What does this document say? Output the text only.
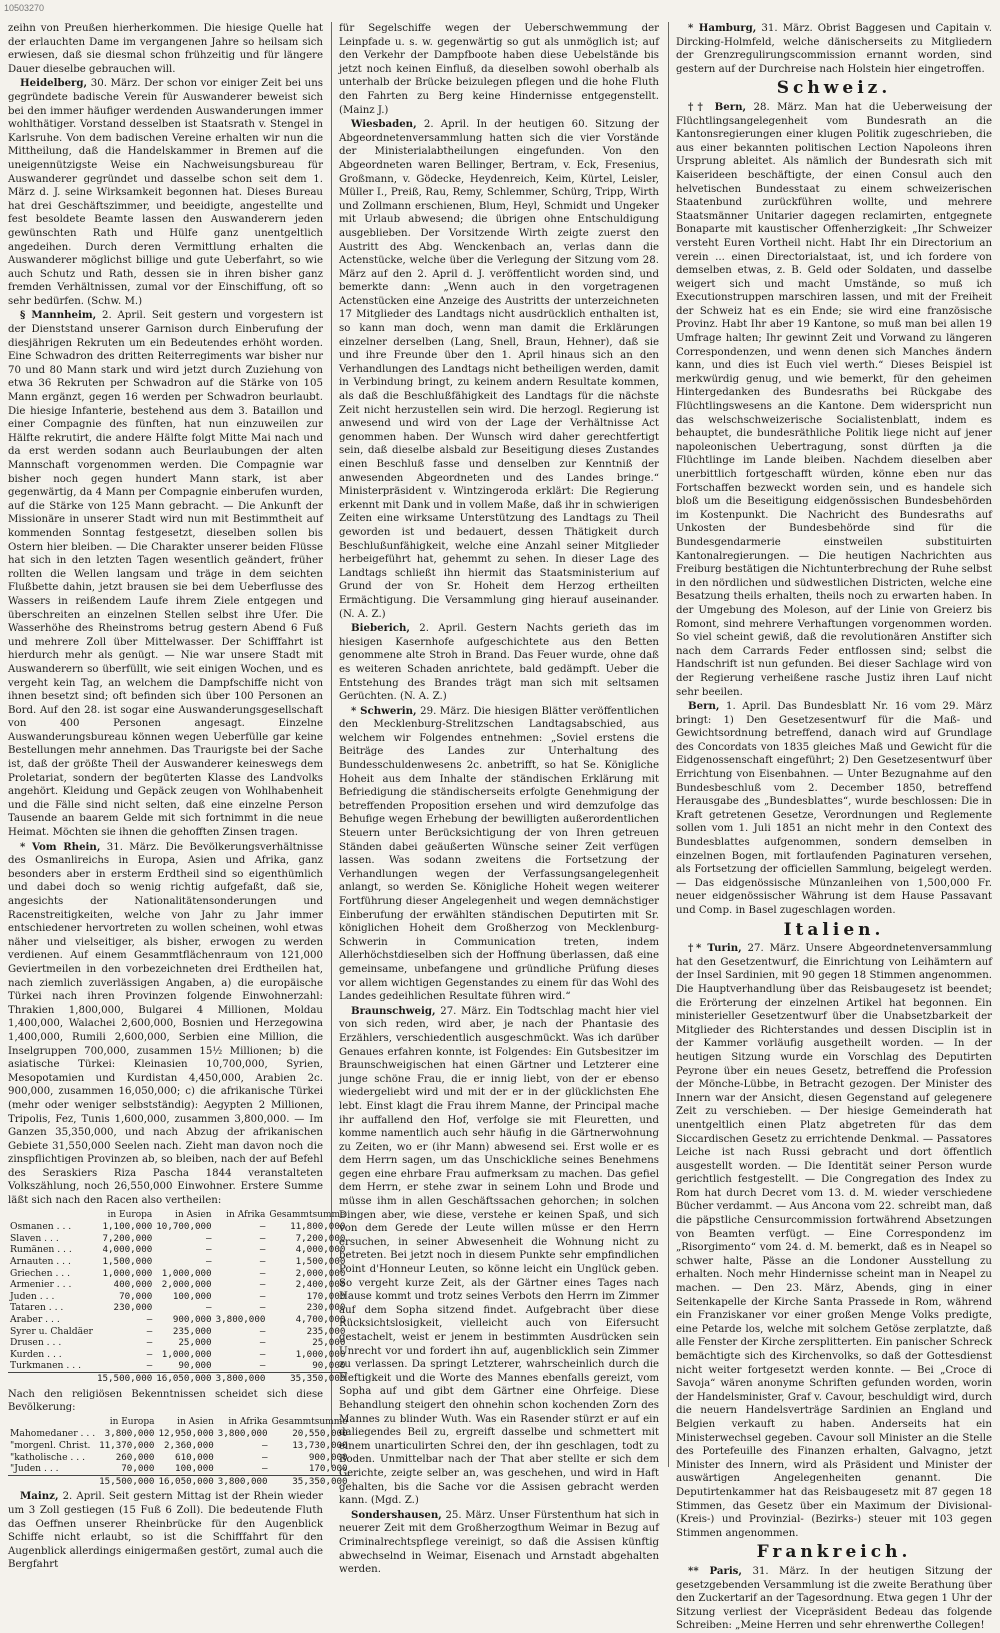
10503270

zeihn von Preußen hierherkommen. Die hiesige Quelle hat der erlauchten Dame im vergangenen Jahre so heilsam sich erwiesen, daß sie diesmal schon frühzeitig und für längere Dauer dieselbe gebrauchen will.

Heidelberg, 30. März. Der schon vor einiger Zeit bei uns gegründete badische Verein für Auswanderer beweist sich bei den immer häufiger werdenden Auswanderungen immer wohlthätiger. Vorstand desselben ist Staatsrath v. Stengel in Karlsruhe. Von dem badischen Vereine erhalten wir nun die Mittheilung, daß die Handelskammer in Bremen auf die uneigennützigste Weise ein Nachweisungsbureau für Auswanderer gegründet und dasselbe schon seit dem 1. März d. J. seine Wirksamkeit begonnen hat. Dieses Bureau hat drei Geschäftszimmer, und beeidigte, angestellte und fest besoldete Beamte lassen den Auswanderern jeden gewünschten Rath und Hülfe ganz unentgeltlich angedeihen. Durch deren Vermittlung erhalten die Auswanderer möglichst billige und gute Ueberfahrt, so wie auch Schutz und Rath, dessen sie in ihren bisher ganz fremden Verhältnissen, zumal vor der Einschiffung, oft so sehr bedürfen. (Schw. M.)

§ Mannheim, 2. April. Seit gestern und vorgestern ist der Dienststand unserer Garnison durch Einberufung der diesjährigen Rekruten um ein Bedeutendes erhöht worden. Eine Schwadron des dritten Reiterregiments war bisher nur 70 und 80 Mann stark und wird jetzt durch Zuziehung von etwa 36 Rekruten per Schwadron auf die Stärke von 105 Mann ergänzt, gegen 16 werden per Schwadron beurlaubt. Die hiesige Infanterie, bestehend aus dem 3. Bataillon und einer Compagnie des fünften, hat nun einzuweilen zur Hälfte rekrutirt, die andere Hälfte folgt Mitte Mai nach und da erst werden sodann auch Beurlaubungen der alten Mannschaft vorgenommen werden. Die Compagnie war bisher noch gegen hundert Mann stark, ist aber gegenwärtig, da 4 Mann per Compagnie einberufen wurden, auf die Stärke von 125 Mann gebracht. — Die Ankunft der Missionäre in unserer Stadt wird nun mit Bestimmtheit auf kommenden Sonntag festgesetzt, dieselben sollen bis Ostern hier bleiben. — Die Charakter unserer beiden Flüsse hat sich in den letzten Tagen wesentlich geändert, früher rollten die Wellen langsam und träge in dem seichten Flußbette dahin, jetzt brausen sie bei dem Ueberflusse des Wassers in reißendem Laufe ihrem Ziele entgegen und überschreiten an einzelnen Stellen selbst ihre Ufer. Die Wasserhöhe des Rheinstroms betrug gestern Abend 6 Fuß und mehrere Zoll über Mittelwasser. Der Schifffahrt ist hierdurch mehr als genügt. — Nie war unsere Stadt mit Auswanderern so überfüllt, wie seit einigen Wochen, und es vergeht kein Tag, an welchem die Dampfschiffe nicht von ihnen besetzt sind; oft befinden sich über 100 Personen an Bord. Auf den 28. ist sogar eine Auswanderungsgesellschaft von 400 Personen angesagt. Einzelne Auswanderungsbureau können wegen Ueberfülle gar keine Bestellungen mehr annehmen. Das Traurigste bei der Sache ist, daß der größte Theil der Auswanderer keineswegs dem Proletariat, sondern der begüterten Klasse des Landvolks angehört. Kleidung und Gepäck zeugen von Wohlhabenheit und die Fälle sind nicht selten, daß eine einzelne Person Tausende an baarem Gelde mit sich fortnimmt in die neue Heimat. Möchten sie ihnen die gehofften Zinsen tragen.

* Vom Rhein, 31. März. Die Bevölkerungsverhältnisse des Osmanlireichs in Europa, Asien und Afrika, ganz besonders aber in ersterm Erdtheil sind so eigenthümlich und dabei doch so wenig richtig aufgefaßt, daß sie, angesichts der Nationalitätensonderungen und Racenstreitigkeiten, welche von Jahr zu Jahr immer entschiedener hervortreten zu wollen scheinen, wohl etwas näher und vielseitiger, als bisher, erwogen zu werden verdienen. Auf einem Gesammtflächenraum von 121,000 Geviertmeilen in den vorbezeichneten drei Erdtheilen hat, nach ziemlich zuverlässigen Angaben, a) die europäische Türkei nach ihren Provinzen folgende Einwohnerzahl: Thrakien 1,800,000, Bulgarei 4 Millionen, Moldau 1,400,000, Walachei 2,600,000, Bosnien und Herzegowina 1,400,000, Rumili 2,600,000, Serbien eine Million, die Inselgruppen 700,000, zusammen 15½ Millionen; b) die asiatische Türkei: Kleinasien 10,700,000, Syrien, Mesopotamien und Kurdistan 4,450,000, Arabien 2c. 900,000, zusammen 16,050,000; c) die afrikanische Türkei (mehr oder weniger selbstständig): Aegypten 2 Millionen, Tripolis, Fez, Tunis 1,600,000, zusammen 3,800,000. — Im Ganzen 35,350,000, und nach Abzug der afrikanischen Gebiete 31,550,000 Seelen nach. Zieht man davon noch die zinspflichtigen Provinzen ab, so bleiben, nach der auf Befehl des Seraskiers Riza Pascha 1844 veranstalteten Volkszählung, noch 26,550,000 Einwohner. Erstere Summe läßt sich nach den Racen also vertheilen:

	in Europa	in Asien	in Afrika	Gesammtsumme
Osmanen . . .	1,100,000	10,700,000	—	11,800,000
Slaven . . .	7,200,000	—	—	7,200,000
Rumänen . . .	4,000,000	—	—	4,000,000
Arnauten . . .	1,500,000	—	—	1,500,000
Griechen . . .	1,000,000	1,000,000	—	2,000,000
Armenier . . .	400,000	2,000,000	—	2,400,000
Juden . . .	70,000	100,000	—	170,000
Tataren . . .	230,000	—	—	230,000
Araber . . .	—	900,000	3,800,000	4,700,000
Syrer u. Chaldäer	—	235,000	—	235,000
Drusen . . .	—	25,000	—	25,000
Kurden . . .	—	1,000,000	—	1,000,000
Turkmanen . . .	—	90,000	—	90,000
	15,500,000	16,050,000	3,800,000	35,350,000
Nach den religiösen Bekenntnissen scheidet sich diese Bevölkerung:
	in Europa	in Asien	in Afrika	Gesammtsumme
Mahomedaner . . .	3,800,000	12,950,000	3,800,000	20,550,000
"morgenl. Christ.	11,370,000	2,360,000	—	13,730,000
"katholische . . .	260,000	610,000	—	900,000
"Juden . . .	70,000	100,000	—	170,000
	15,500,000	16,050,000	3,800,000	35,350,000

Mainz, 2. April. Seit gestern Mittag ist der Rhein wieder um 3 Zoll gestiegen (15 Fuß 6 Zoll). Die bedeutende Fluth das Oeffnen unserer Rheinbrücke für den Augenblick Schiffe nicht erlaubt, so ist die Schifffahrt für den Augenblick allerdings einigermaßen gestört, zumal auch die Bergfahrt

für Segelschiffe wegen der Ueberschwemmung der Leinpfade u. s. w. gegenwärtig so gut als unmöglich ist; auf den Verkehr der Dampfboote haben diese Uebelstände bis jetzt noch keinen Einfluß, da dieselben sowohl oberhalb als unterhalb der Brücke beizulegen pflegen und die hohe Fluth den Fahrten zu Berg keine Hindernisse entgegenstellt. (Mainz J.)

Wiesbaden, 2. April. In der heutigen 60. Sitzung der Abgeordnetenversammlung hatten sich die vier Vorstände der Ministerialabtheilungen eingefunden. Von den Abgeordneten waren Bellinger, Bertram, v. Eck, Fresenius, Großmann, v. Gödecke, Heydenreich, Keim, Kürtel, Leisler, Müller I., Preiß, Rau, Remy, Schlemmer, Schürg, Tripp, Wirth und Zollmann erschienen, Blum, Heyl, Schmidt und Ungeker mit Urlaub abwesend; die übrigen ohne Entschuldigung ausgeblieben. Der Vorsitzende Wirth zeigte zuerst den Austritt des Abg. Wenckenbach an, verlas dann die Actenstücke, welche über die Verlegung der Sitzung vom 28. März auf den 2. April d. J. veröffentlicht worden sind, und bemerkte dann: „Wenn auch in den vorgetragenen Actenstücken eine Anzeige des Austritts der unterzeichneten 17 Mitglieder des Landtags nicht ausdrücklich enthalten ist, so kann man doch, wenn man damit die Erklärungen einzelner derselben (Lang, Snell, Braun, Hehner), daß sie und ihre Freunde über den 1. April hinaus sich an den Verhandlungen des Landtags nicht betheiligen werden, damit in Verbindung bringt, zu keinem andern Resultate kommen, als daß die Beschlußfähigkeit des Landtags für die nächste Zeit nicht herzustellen sein wird. Die herzogl. Regierung ist anwesend und wird von der Lage der Verhältnisse Act genommen haben. Der Wunsch wird daher gerechtfertigt sein, daß dieselbe alsbald zur Beseitigung dieses Zustandes einen Beschluß fasse und denselben zur Kenntniß der anwesenden Abgeordneten und des Landes bringe.“ Ministerpräsident v. Wintzingeroda erklärt: Die Regierung erkennt mit Dank und in vollem Maße, daß ihr in schwierigen Zeiten eine wirksame Unterstützung des Landtags zu Theil geworden ist und bedauert, dessen Thätigkeit durch Beschlußunfähigkeit, welche eine Anzahl seiner Mitglieder herbeigeführt hat, gehemmt zu sehen. In dieser Lage des Landtags schließt ihn hiermit das Staatsministerium auf Grund der von Sr. Hoheit dem Herzog ertheilten Ermächtigung. Die Versammlung ging hierauf auseinander. (N. A. Z.)

Bieberich, 2. April. Gestern Nachts gerieth das im hiesigen Kasernhofe aufgeschichtete aus den Betten genommene alte Stroh in Brand. Das Feuer wurde, ohne daß es weiteren Schaden anrichtete, bald gedämpft. Ueber die Entstehung des Brandes trägt man sich mit seltsamen Gerüchten. (N. A. Z.)

* Schwerin, 29. März. Die hiesigen Blätter veröffentlichen den Mecklenburg-Strelitzschen Landtagsabschied, aus welchem wir Folgendes entnehmen: „Soviel erstens die Beiträge des Landes zur Unterhaltung des Bundesschuldenwesens 2c. anbetrifft, so hat Se. Königliche Hoheit aus dem Inhalte der ständischen Erklärung mit Befriedigung die ständischerseits erfolgte Genehmigung der betreffenden Proposition ersehen und wird demzufolge das Behufige wegen Erhebung der bewilligten außerordentlichen Steuern unter Berücksichtigung der von Ihren getreuen Ständen dabei geäußerten Wünsche seiner Zeit verfügen lassen. Was sodann zweitens die Fortsetzung der Verhandlungen wegen der Verfassungsangelegenheit anlangt, so werden Se. Königliche Hoheit wegen weiterer Fortführung dieser Angelegenheit und wegen demnächstiger Einberufung der erwählten ständischen Deputirten mit Sr. königlichen Hoheit dem Großherzog von Mecklenburg-Schwerin in Communication treten, indem Allerhöchstdieselben sich der Hoffnung überlassen, daß eine gemeinsame, unbefangene und gründliche Prüfung dieses vor allem wichtigen Gegenstandes zu einem für das Wohl des Landes gedeihlichen Resultate führen wird.“

Braunschweig, 27. März. Ein Todtschlag macht hier viel von sich reden, wird aber, je nach der Phantasie des Erzählers, verschiedentlich ausgeschmückt. Was ich darüber Genaues erfahren konnte, ist Folgendes: Ein Gutsbesitzer im Braunschweigischen hat einen Gärtner und Letzterer eine junge schöne Frau, die er innig liebt, von der er ebenso wiedergeliebt wird und mit der er in der glücklichsten Ehe lebt. Einst klagt die Frau ihrem Manne, der Principal mache ihr auffallend den Hof, verfolge sie mit Fleuretten, und komme namentlich auch sehr häufig in die Gärtnerwohnung zu Zeiten, wo er (ihr Mann) abwesend sei. Erst wolle er es dem Herrn sagen, um das Unschickliche seines Benehmens gegen eine ehrbare Frau aufmerksam zu machen. Das gefiel dem Herrn, er stehe zwar in seinem Lohn und Brode und müsse ihm in allen Geschäftssachen gehorchen; in solchen Dingen aber, wie diese, verstehe er keinen Spaß, und sich von dem Gerede der Leute willen müsse er den Herrn ersuchen, in seiner Abwesenheit die Wohnung nicht zu betreten. Bei jetzt noch in diesem Punkte sehr empfindlichen Point d'Honneur Leuten, so könne leicht ein Unglück geben. So vergeht kurze Zeit, als der Gärtner eines Tages nach Hause kommt und trotz seines Verbots den Herrn im Zimmer auf dem Sopha sitzend findet. Aufgebracht über diese Rücksichtslosigkeit, vielleicht auch von Eifersucht gestachelt, weist er jenem in bestimmten Ausdrücken sein Unrecht vor und fordert ihn auf, augenblicklich sein Zimmer zu verlassen. Da springt Letzterer, wahrscheinlich durch die Heftigkeit und die Worte des Mannes ebenfalls gereizt, vom Sopha auf und gibt dem Gärtner eine Ohrfeige. Diese Behandlung steigert den ohnehin schon kochenden Zorn des Mannes zu blinder Wuth. Was ein Rasender stürzt er auf ein daliegendes Beil zu, ergreift dasselbe und schmettert mit einem unarticulirten Schrei den, der ihn geschlagen, todt zu Boden. Unmittelbar nach der That aber stellte er sich dem Gerichte, zeigte selber an, was geschehen, und wird in Haft gehalten, bis die Sache vor die Assisen gebracht werden kann. (Mgd. Z.)

Sondershausen, 25. März. Unser Fürstenthum hat sich in neuerer Zeit mit dem Großherzogthum Weimar in Bezug auf Criminalrechtspflege vereinigt, so daß die Assisen künftig abwechselnd in Weimar, Eisenach und Arnstadt abgehalten werden.

* Hamburg, 31. März. Obrist Baggesen und Capitain v. Dircking-Holmfeld, welche dänischerseits zu Mitgliedern der Grenzregulirungscommission ernannt worden, sind gestern auf der Durchreise nach Holstein hier eingetroffen.

Schweiz.

†† Bern, 28. März. Man hat die Ueberweisung der Flüchtlingsangelegenheit vom Bundesrath an die Kantonsregierungen einer klugen Politik zugeschrieben, die aus einer bekannten politischen Lection Napoleons ihren Ursprung ableitet. Als nämlich der Bundesrath sich mit Kaiserideen beschäftigte, der einen Consul auch den helvetischen Bundesstaat zu einem schweizerischen Staatenbund zurückführen wollte, und mehrere Staatsmänner Unitarier dagegen reclamirten, entgegnete Bonaparte mit kaustischer Offenherzigkeit: „Ihr Schweizer versteht Euren Vortheil nicht. Habt Ihr ein Directorium an verein ... einen Directorialstaat, ist, und ich fordere von demselben etwas, z. B. Geld oder Soldaten, und dasselbe weigert sich und macht Umstände, so muß ich Executionstruppen marschiren lassen, und mit der Freiheit der Schweiz hat es ein Ende; sie wird eine französische Provinz. Habt Ihr aber 19 Kantone, so muß man bei allen 19 Umfrage halten; Ihr gewinnt Zeit und Vorwand zu längeren Correspondenzen, und wenn denen sich Manches ändern kann, und dies ist Euch viel werth.“ Dieses Beispiel ist merkwürdig genug, und wie bemerkt, für den geheimen Hintergedanken des Bundesraths bei Rückgabe des Flüchtlingswesens an die Kantone. Dem widerspricht nun das welschschweizerische Socialistenblatt, indem es behauptet, die bundesräthliche Politik liege nicht auf jener napoleonischen Uebertragung, sonst dürften ja die Flüchtlinge im Lande bleiben. Nachdem dieselben aber unerbittlich fortgeschafft würden, könne eben nur das Fortschaffen bezweckt worden sein, und es handele sich bloß um die Beseitigung eidgenössischen Bundesbehörden im Kostenpunkt. Die Nachricht des Bundesraths auf Unkosten der Bundesbehörde sind für die Bundesgendarmerie einstweilen substituirten Kantonalregierungen. — Die heutigen Nachrichten aus Freiburg bestätigen die Nichtunterbrechung der Ruhe selbst in den nördlichen und südwestlichen Districten, welche eine Besatzung theils erhalten, theils noch zu erwarten haben. In der Umgebung des Moleson, auf der Linie von Greierz bis Romont, sind mehrere Verhaftungen vorgenommen worden. So viel scheint gewiß, daß die revolutionären Anstifter sich nach dem Carrards Feder entflossen sind; selbst die Handschrift ist nun gefunden. Bei dieser Sachlage wird von der Regierung verheißene rasche Justiz ihren Lauf nicht sehr beeilen.

Bern, 1. April. Das Bundesblatt Nr. 16 vom 29. März bringt: 1) Den Gesetzesentwurf für die Maß- und Gewichtsordnung betreffend, danach wird auf Grundlage des Concordats von 1835 gleiches Maß und Gewicht für die Eidgenossenschaft eingeführt; 2) Den Gesetzesentwurf über Errichtung von Eisenbahnen. — Unter Bezugnahme auf den Bundesbeschluß vom 2. December 1850, betreffend Herausgabe des „Bundesblattes“, wurde beschlossen: Die in Kraft getretenen Gesetze, Verordnungen und Reglemente sollen vom 1. Juli 1851 an nicht mehr in den Context des Bundesblattes aufgenommen, sondern demselben in einzelnen Bogen, mit fortlaufenden Paginaturen versehen, als Fortsetzung der officiellen Sammlung, beigelegt werden. — Das eidgenössische Münzanleihen von 1,500,000 Fr. neuer eidgenössischer Währung ist dem Hause Passavant und Comp. in Basel zugeschlagen worden.

Italien.

†* Turin, 27. März. Unsere Abgeordnetenversammlung hat den Gesetzentwurf, die Einrichtung von Leihämtern auf der Insel Sardinien, mit 90 gegen 18 Stimmen angenommen. Die Hauptverhandlung über das Reisbaugesetz ist beendet; die Erörterung der einzelnen Artikel hat begonnen. Ein ministerieller Gesetzentwurf über die Unabsetzbarkeit der Mitglieder des Richterstandes und dessen Disciplin ist in der Kammer vorläufig ausgetheilt worden. — In der heutigen Sitzung wurde ein Vorschlag des Deputirten Peyrone über ein neues Gesetz, betreffend die Profession der Mönche-Lübbe, in Betracht gezogen. Der Minister des Innern war der Ansicht, diesen Gegenstand auf gelegenere Zeit zu verschieben. — Der hiesige Gemeinderath hat unentgeltlich einen Platz abgetreten für das dem Siccardischen Gesetz zu errichtende Denkmal. — Passatores Leiche ist nach Russi gebracht und dort öffentlich ausgestellt worden. — Die Identität seiner Person wurde gerichtlich festgestellt. — Die Congregation des Index zu Rom hat durch Decret vom 13. d. M. wieder verschiedene Bücher verdammt. — Aus Ancona vom 22. schreibt man, daß die päpstliche Censurcommission fortwährend Absetzungen von Beamten verfügt. — Eine Correspondenz im „Risorgimento“ vom 24. d. M. bemerkt, daß es in Neapel so schwer halte, Pässe an die Londoner Ausstellung zu erhalten. Noch mehr Hindernisse scheint man in Neapel zu machen. — Den 23. März, Abends, ging in einer Seitenkapelle der Kirche Santa Prassede in Rom, während ein Franziskaner vor einer großen Menge Volks predigte, eine Petarde los, welche mit solchem Getöse zerplatzte, daß alle Fenster der Kirche zersplitterten. Ein panischer Schreck bemächtigte sich des Kirchenvolks, so daß der Gottesdienst nicht weiter fortgesetzt werden konnte. — Bei „Croce di Savoja“ wären anonyme Schriften gefunden worden, worin der Handelsminister, Graf v. Cavour, beschuldigt wird, durch die neuern Handelsverträge Sardinien an England und Belgien verkauft zu haben. Anderseits hat ein Ministerwechsel gegeben. Cavour soll Minister an die Stelle des Portefeuille des Finanzen erhalten, Galvagno, jetzt Minister des Innern, wird als Präsident und Minister der auswärtigen Angelegenheiten genannt. Die Deputirtenkammer hat das Reisbaugesetz mit 87 gegen 18 Stimmen, das Gesetz über ein Maximum der Divisional- (Kreis-) und Provinzial- (Bezirks-) steuer mit 103 gegen Stimmen angenommen.

Frankreich.

** Paris, 31. März. In der heutigen Sitzung der gesetzgebenden Versammlung ist die zweite Berathung über den Zuckertarif an der Tagesordnung. Etwa gegen 1 Uhr der Sitzung verliest der Vicepräsident Bedeau das folgende Schreiben: „Meine Herren und sehr ehrenwerthe Collegen!
